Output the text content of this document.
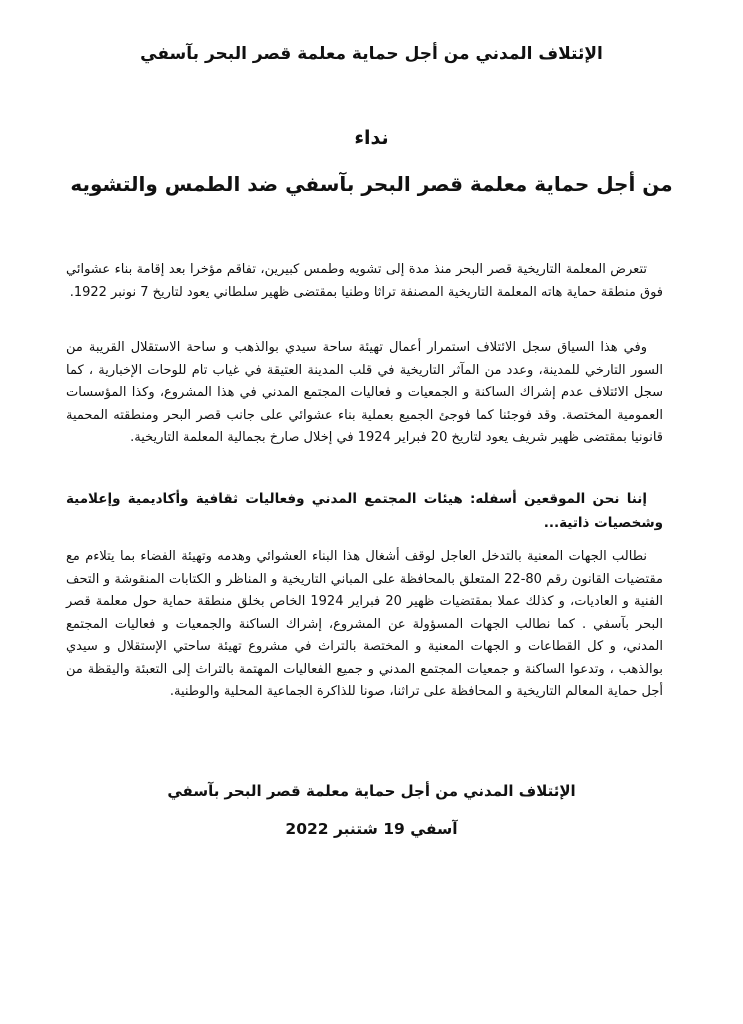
الإئتلاف المدني من أجل حماية معلمة قصر البحر بآسفي
نداء
من أجل حماية معلمة قصر البحر بآسفي ضد الطمس والتشويه
تتعرض المعلمة التاريخية قصر البحر منذ مدة إلى تشويه وطمس كبيرين، تفاقم مؤخرا بعد إقامة بناء عشوائي فوق منطقة حماية هاته المعلمة التاريخية المصنفة تراثا وطنيا بمقتضى ظهير سلطاني يعود لتاريخ 7 نونبر 1922.
وفي هذا السياق سجل الائتلاف استمرار أعمال تهيئة ساحة سيدي بوالذهب و ساحة الاستقلال القريبة من السور التارخي للمدينة، وعدد من المآثر التاريخية في قلب المدينة العتيقة في غياب تام للوحات الإخبارية ، كما سجل الائتلاف عدم إشراك الساكنة و الجمعيات و فعاليات المجتمع المدني في هذا المشروع، وكذا المؤسسات العمومية المختصة. وقد فوجئنا كما فوجئ الجميع بعملية بناء عشوائي على جانب قصر البحر ومنطقته المحمية قانونيا بمقتضى ظهير شريف يعود لتاريخ 20 فبراير 1924 في إخلال صارخ بجمالية المعلمة التاريخية.
إننا نحن الموقعين أسفله: هيئات المجتمع المدني وفعاليات ثقافية وأكاديمية وإعلامية وشخصيات ذاتية...
نطالب الجهات المعنية بالتدخل العاجل لوقف أشغال هذا البناء العشوائي وهدمه وتهيئة الفضاء بما يتلاءم مع مقتضيات القانون رقم 80-22 المتعلق بالمحافظة على المباني التاريخية و المناظر و الكتابات المنقوشة و التحف الفنية و العاديات، و كذلك عملا بمقتضيات ظهير 20 فبراير 1924 الخاص بخلق منطقة حماية حول معلمة قصر البحر بآسفي . كما نطالب الجهات المسؤولة عن المشروع، إشراك الساكنة والجمعيات و فعاليات المجتمع المدني، و كل القطاعات و الجهات المعنية و المختصة بالتراث في مشروع تهيئة ساحتي الإستقلال و سيدي بوالذهب ، وتدعوا الساكنة و جمعيات المجتمع المدني و جميع الفعاليات المهتمة بالتراث إلى التعبئة واليقظة من أجل حماية المعالم التاريخية و المحافظة على تراثنا، صونا للذاكرة الجماعية المحلية والوطنية.
الإئتلاف المدني من أجل حماية معلمة قصر البحر بآسفي
آسفي 19 شتنبر 2022
